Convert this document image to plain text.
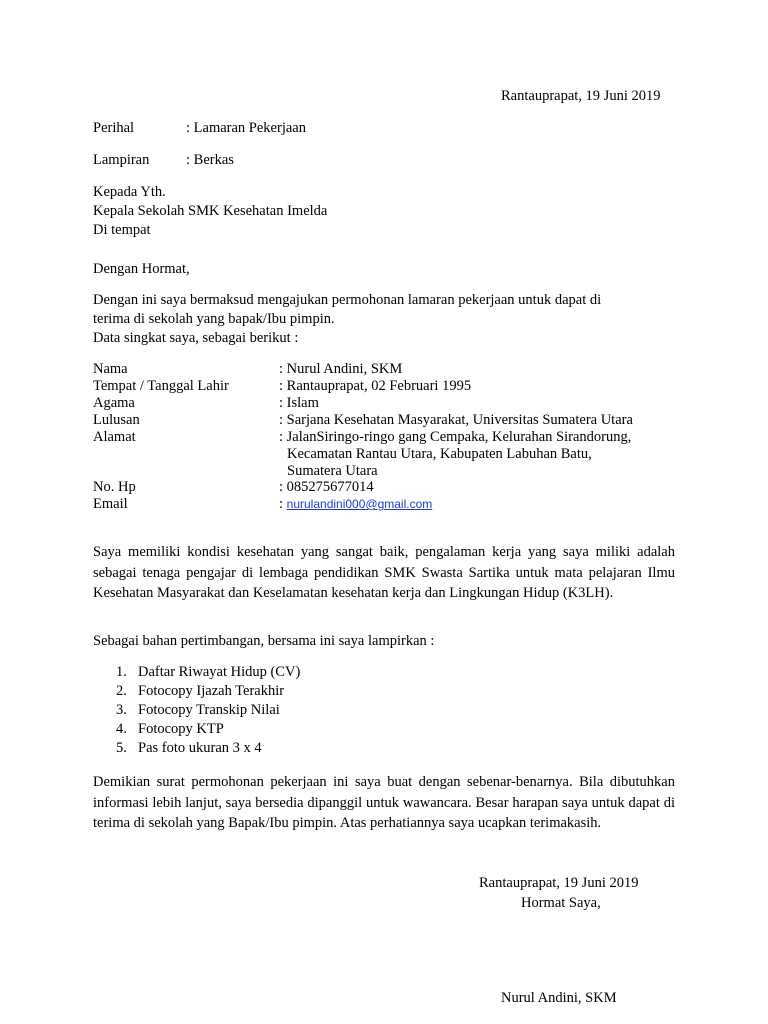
Rantauprapat, 19 Juni 2019
Perihal	: Lamaran Pekerjaan
Lampiran	: Berkas
Kepada Yth.
Kepala Sekolah SMK Kesehatan Imelda
Di tempat
Dengan Hormat,
Dengan ini saya bermaksud mengajukan permohonan lamaran pekerjaan untuk dapat di
terima di sekolah yang bapak/Ibu pimpin.
Data singkat saya, sebagai berikut :
Nama	: Nurul Andini, SKM
Tempat / Tanggal Lahir	: Rantauprapat, 02 Februari 1995
Agama	: Islam
Lulusan	: Sarjana Kesehatan Masyarakat, Universitas Sumatera Utara
Alamat	: JalanSiringo-ringo gang Cempaka, Kelurahan Sirandorung,
Kecamatan Rantau Utara, Kabupaten Labuhan Batu,
Sumatera Utara
No. Hp	: 085275677014
Email	: nurulandini000@gmail.com
Saya memiliki kondisi kesehatan yang sangat baik, pengalaman kerja yang saya miliki adalah sebagai tenaga pengajar di lembaga pendidikan SMK Swasta Sartika untuk mata pelajaran Ilmu Kesehatan Masyarakat dan Keselamatan kesehatan kerja dan Lingkungan Hidup (K3LH).
Sebagai bahan pertimbangan, bersama ini saya lampirkan :
1. Daftar Riwayat Hidup (CV)
2. Fotocopy Ijazah Terakhir
3. Fotocopy Transkip Nilai
4. Fotocopy KTP
5. Pas foto ukuran 3 x 4
Demikian surat permohonan pekerjaan ini saya buat dengan sebenar-benarnya. Bila dibutuhkan informasi lebih lanjut, saya bersedia dipanggil untuk wawancara. Besar harapan saya untuk dapat di terima di sekolah yang Bapak/Ibu pimpin. Atas perhatiannya saya ucapkan terimakasih.
Rantauprapat, 19 Juni 2019
Hormat Saya,
Nurul Andini, SKM
